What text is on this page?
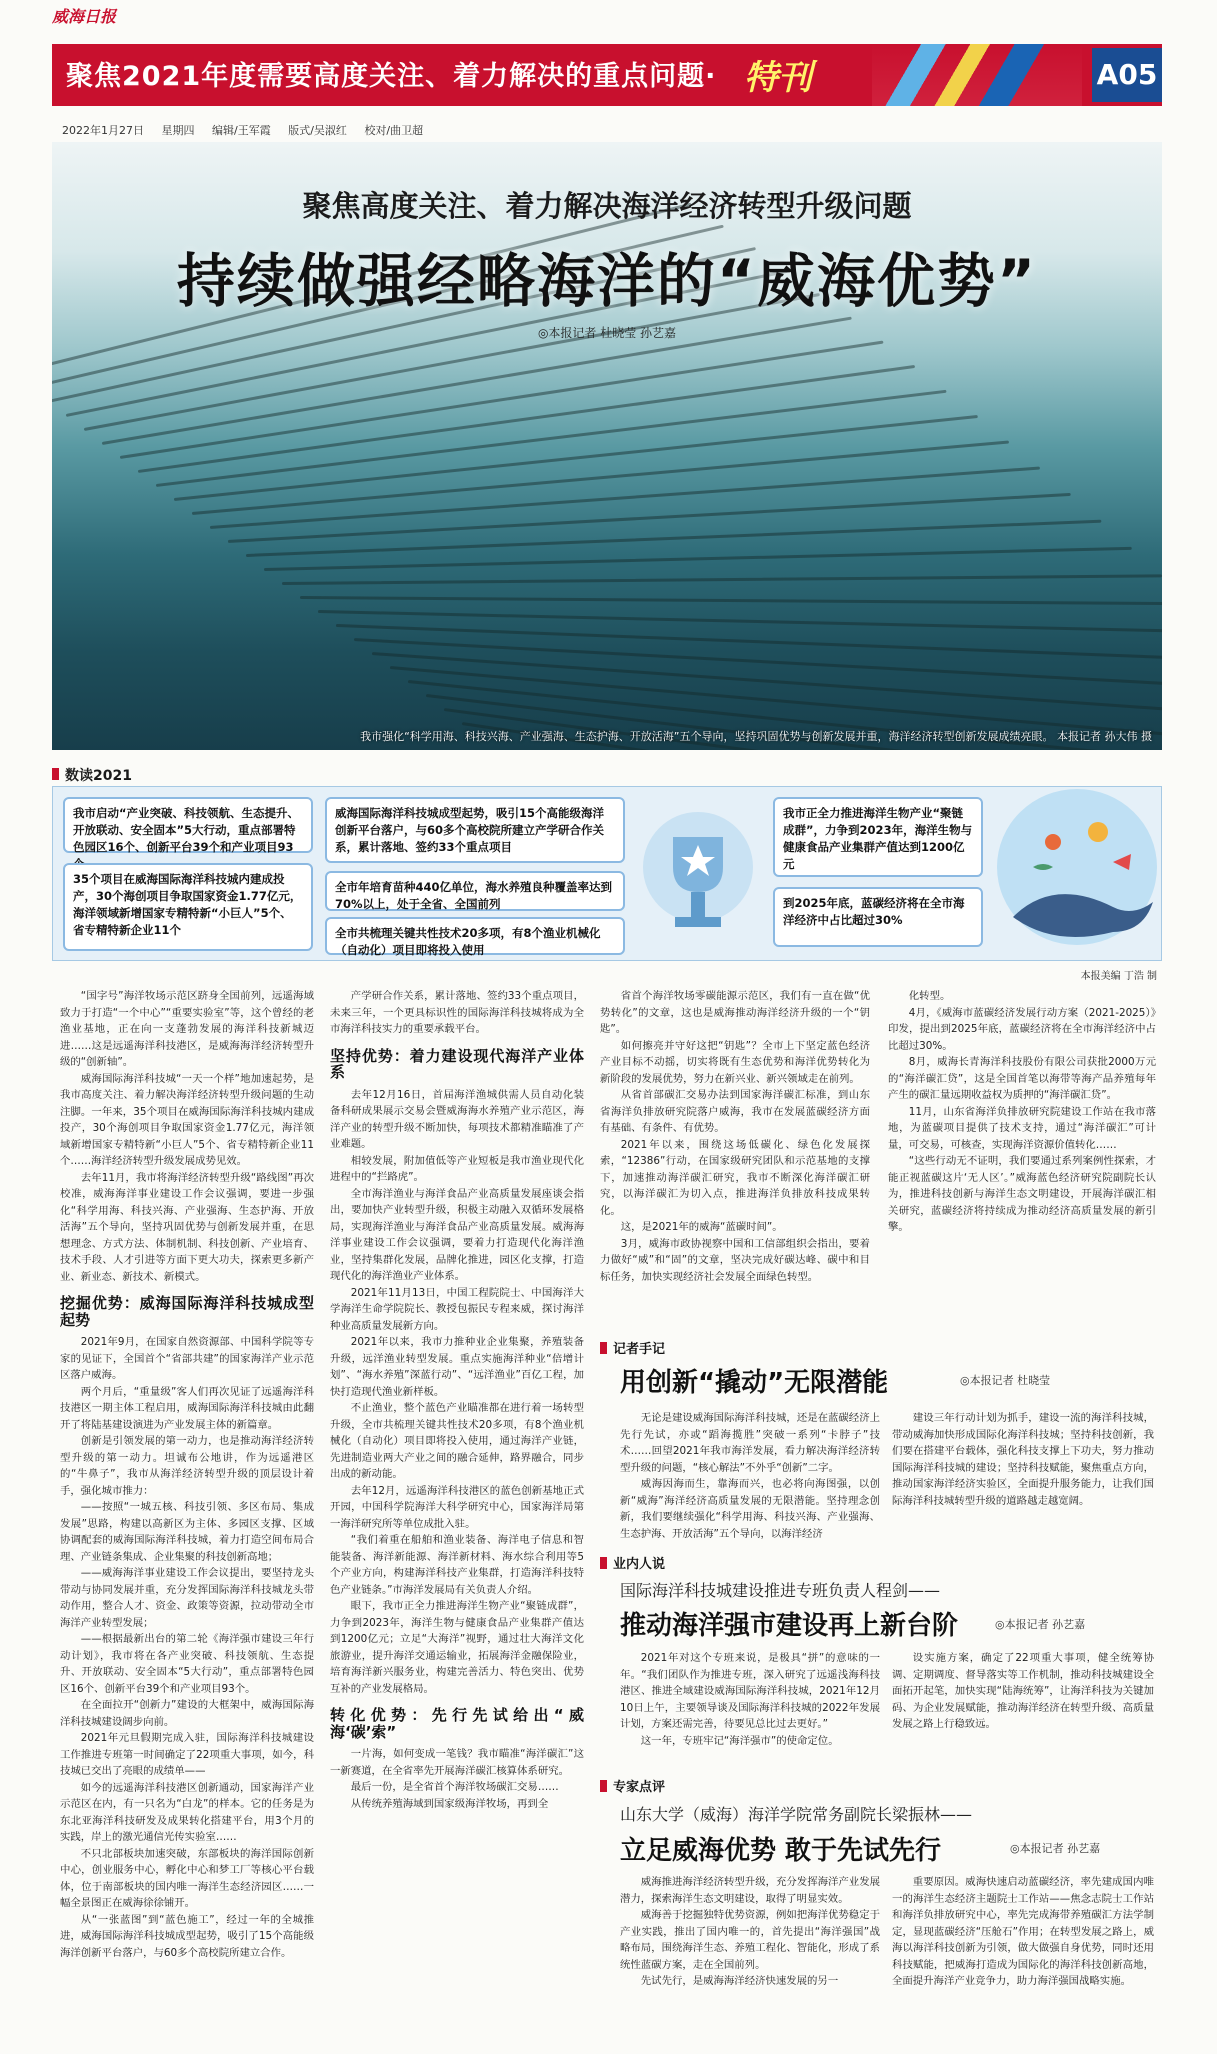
威海日报
聚焦2021年度需要高度关注、着力解决的重点问题· 特刊	A05
2022年1月27日 星期四 编辑/王军霞 版式/吴淑红 校对/曲卫超
聚焦高度关注、着力解决海洋经济转型升级问题
持续做强经略海洋的“威海优势”
◎本报记者 杜晓莹 孙艺嘉
我市强化“科学用海、科技兴海、产业强海、生态护海、开放活海”五个导向，坚持巩固优势与创新发展并重，海洋经济转型创新发展成绩亮眼。 本报记者 孙大伟 摄
数读2021
我市启动“产业突破、科技领航、生态提升、开放联动、安全固本”5大行动，重点部署特色园区16个、创新平台39个和产业项目93
35个项目在威海国际海洋科技城内建成投产，30个海创项目争取国家资金1.77亿元，海洋领域新增国家专精特新“小巨人”5个、省专精特新企业11个
威海国际海洋科技城成型起势，吸引15个高能级海洋创新平台落户，与60多个高校院所建立产学研合作关系，累计落地、签约33个重点项目
全市年培育苗种440亿单位，海水养殖良种覆盖率达到70%以上，处于全省、全国前列
全市共梳理关键共性技术20多项，有8个渔业机械化（自动化）项目即将投入使用
我市正全力推进海洋生物产业“聚链成群”，力争到2023年，海洋生物与健康食品产业集群产值达到1200亿元
到2025年底，蓝碳经济将在全市海洋经济中占比超过30%
本报美编 丁浩 制

“国字号”海洋牧场示范区跻身全国前列，远遥海域致力于打造“一个中心”“重要实验室”等，这个曾经的老渔业基地，正在向一支蓬勃发展的海洋科技新城迈进……这是远遥海洋科技港区，是威海海洋经济转型升级的“创新轴”。

威海国际海洋科技城“一天一个样”地加速起势，是我市高度关注、着力解决海洋经济转型升级问题的生动注脚。一年来，35个项目在威海国际海洋科技城内建成投产，30个海创项目争取国家资金1.77亿元，海洋领域新增国家专精特新“小巨人”5个、省专精特新企业11个……海洋经济转型升级发展成势见效。

去年11月，我市将海洋经济转型升级“路线图”再次校准，威海海洋事业建设工作会议强调，要进一步强化“科学用海、科技兴海、产业强海、生态护海、开放活海”五个导向，坚持巩固优势与创新发展并重，在思想理念、方式方法、体制机制、科技创新、产业培育、技术手段、人才引进等方面下更大功夫，探索更多新产业、新业态、新技术、新模式。

挖掘优势：威海国际海洋科技城成型起势

2021年9月，在国家自然资源部、中国科学院等专家的见证下，全国首个“省部共建”的国家海洋产业示范区落户威海。

两个月后，“重量级”客人们再次见证了远遥海洋科技港区一期主体工程启用，威海国际海洋科技城由此翻开了将陆基建设演进为产业发展主体的新篇章。

创新是引领发展的第一动力，也是推动海洋经济转型升级的第一动力。坦诚布公地讲，作为远遥港区的“牛鼻子”，我市从海洋经济转型升级的顶层设计着手，强化城市推力：

——按照“一城五核、科技引领、多区布局、集成发展”思路，构建以高新区为主体、多园区支撑、区域协调配套的威海国际海洋科技城，着力打造空间布局合理、产业链条集成、企业集聚的科技创新高地；

——威海海洋事业建设工作会议提出，要坚持龙头带动与协同发展并重，充分发挥国际海洋科技城龙头带动作用，整合人才、资金、政策等资源，拉动带动全市海洋产业转型发展；

——根据最新出台的第二轮《海洋强市建设三年行动计划》，我市将在各产业突破、科技领航、生态提升、开放联动、安全固本“5大行动”，重点部署特色园区16个、创新平台39个和产业项目93个。

在全面拉开“创新力”建设的大框架中，威海国际海洋科技城建设阔步向前。

2021年元旦假期完成入驻，国际海洋科技城建设工作推进专班第一时间确定了22项重大事项，如今，科技城已交出了亮眼的成绩单——

如今的远遥海洋科技港区创新通动，国家海洋产业示范区在内，有一只名为“白龙”的样本。它的任务是为东北亚海洋科技研发及成果转化搭建平台，用3个月的实践，岸上的激光通信光传实验室……

不只北部板块加速突破，东部板块的海洋国际创新中心，创业服务中心，孵化中心和梦工厂等核心平台载体，位于南部板块的国内唯一海洋生态经济园区……一幅全景图正在威海徐徐铺开。

从“一张蓝图”到“蓝色施工”，经过一年的全城推进，威海国际海洋科技城成型起势，吸引了15个高能级海洋创新平台落户，与60多个高校院所建立合作。

产学研合作关系，累计落地、签约33个重点项目，未来三年，一个更具标识性的国际海洋科技城将成为全市海洋科技实力的重要承载平台。

坚持优势：着力建设现代海洋产业体系

去年12月16日，首届海洋渔城供需人员自动化装备科研成果展示交易会暨威海海水养殖产业示范区，海洋产业的转型升级不断加快，每项技术都精准瞄准了产业难题。

相较发展，附加值低等产业短板是我市渔业现代化进程中的“拦路虎”。

全市海洋渔业与海洋食品产业高质量发展座谈会指出，要加快产业转型升级，积极主动融入双循环发展格局，实现海洋渔业与海洋食品产业高质量发展。威海海洋事业建设工作会议强调，要着力打造现代化海洋渔业，坚持集群化发展，品牌化推进，园区化支撑，打造现代化的海洋渔业产业体系。

2021年11月13日，中国工程院院士、中国海洋大学海洋生命学院院长、教授包振民专程来威，探讨海洋种业高质量发展新方向。

2021年以来，我市力推种业企业集聚，养殖装备升级，远洋渔业转型发展。重点实施海洋种业“倍增计划”、“海水养殖”深蓝行动”、“远洋渔业”百亿工程，加快打造现代渔业新样板。

不止渔业，整个蓝色产业瞄准都在进行着一场转型升级，全市共梳理关键共性技术20多项，有8个渔业机械化（自动化）项目即将投入使用，通过海洋产业链，先进制造业两大产业之间的融合延伸，路界融合，同步出成的新动能。

去年12月，远遥海洋科技港区的蓝色创新基地正式开园，中国科学院海洋大科学研究中心，国家海洋局第一海洋研究所等单位成批入驻。

“我们着重在船舶和渔业装备、海洋电子信息和智能装备、海洋新能源、海洋新材料、海水综合利用等5个产业方向，构建海洋科技产业集群，打造海洋科技特色产业链条。”市海洋发展局有关负责人介绍。

眼下，我市正全力推进海洋生物产业“聚链成群”，力争到2023年，海洋生物与健康食品产业集群产值达到1200亿元；立足“大海洋”视野，通过壮大海洋文化旅游业，提升海洋交通运输业，拓展海洋金融保险业，培育海洋新兴服务业，构建完善活力、特色突出、优势互补的产业发展格局。

转化优势：先行先试给出“威海‘碳’索”

一片海，如何变成一笔钱？我市瞄准“海洋碳汇”这一新赛道，在全省率先开展海洋碳汇核算体系研究。

最后一份，是全省首个海洋牧场碳汇交易……

从传统养殖海域到国家级海洋牧场，再到全

省首个海洋牧场零碳能源示范区，我们有一直在做“优势转化”的文章，这也是威海推动海洋经济升级的一个“钥匙”。

如何擦亮并守好这把“钥匙”？全市上下坚定蓝色经济产业目标不动摇，切实将既有生态优势和海洋优势转化为新阶段的发展优势，努力在新兴业、新兴领域走在前列。

从省首部碳汇交易办法到国家海洋碳汇标准，到山东省海洋负排放研究院落户威海，我市在发展蓝碳经济方面有基础、有条件、有优势。

2021年以来，围绕这场低碳化、绿色化发展探索，“12386”行动，在国家级研究团队和示范基地的支撑下，加速推动海洋碳汇研究，我市不断深化海洋碳汇研究，以海洋碳汇为切入点，推进海洋负排放科技成果转化。

这，是2021年的威海“蓝碳时间”。

3月，威海市政协视察中国和工信部组织会指出，要着力做好“威”和“固”的文章，坚决完成好碳达峰、碳中和目标任务，加快实现经济社会发展全面绿色转型。

化转型。

4月，《威海市蓝碳经济发展行动方案（2021-2025）》印发，提出到2025年底，蓝碳经济将在全市海洋经济中占比超过30%。

8月，威海长青海洋科技股份有限公司获批2000万元的“海洋碳汇贷”，这是全国首笔以海带等海产品养殖每年产生的碳汇量远期收益权为质押的“海洋碳汇贷”。

11月，山东省海洋负排放研究院建设工作站在我市落地，为蓝碳项目提供了技术支持，通过“海洋碳汇”可计量，可交易，可核查，实现海洋资源价值转化……

“这些行动无不证明，我们要通过系列案例性探索，才能正视蓝碳这片‘无人区’。”威海蓝色经济研究院副院长认为，推进科技创新与海洋生态文明建设，开展海洋碳汇相关研究，蓝碳经济将持续成为推动经济高质量发展的新引擎。

记者手记
用创新“撬动”无限潜能	◎本报记者 杜晓莹

无论是建设威海国际海洋科技城，还是在蓝碳经济上先行先试，亦或“蹈海揽胜”突破一系列“卡脖子”技术……回望2021年我市海洋发展，看力解决海洋经济转型升级的问题，“核心解法”不外乎“创新”二字。

威海因海而生，靠海而兴，也必将向海图强，以创新“威海”海洋经济高质量发展的无限潜能。坚持理念创新，我们要继续强化“科学用海、科技兴海、产业强海、生态护海、开放活海”五个导向，以海洋经济

建设三年行动计划为抓手，建设一流的海洋科技城，带动威海加快形成国际化海洋科技城；坚持科技创新，我们要在搭建平台载体，强化科技支撑上下功夫，努力推动国际海洋科技城的建设；坚持科技赋能，聚焦重点方向，推动国家海洋经济实验区，全面提升服务能力，让我们国际海洋科技城转型升级的道路越走越宽阔。

业内人说
国际海洋科技城建设推进专班负责人程剑——
推动海洋强市建设再上新台阶	◎本报记者 孙艺嘉

2021年对这个专班来说，是极具“拼”的意味的一年。“我们团队作为推进专班，深入研究了远遥浅海科技港区、推进全域建设威海国际海洋科技城，2021年12月10日上午，主要领导谈及国际海洋科技城的2022年发展计划，方案还需完善，待要见总比过去更好。”

这一年，专班牢记“海洋强市”的使命定位。

设实施方案，确定了22项重大事项，健全统筹协调、定期调度、督导落实等工作机制，推动科技城建设全面拓开起笔，加快实现“陆海统筹”，让海洋科技为关键加码、为企业发展赋能，推动海洋经济在转型升级、高质量发展之路上行稳致远。

专家点评
山东大学（威海）海洋学院常务副院长梁振林——
立足威海优势 敢于先试先行	◎本报记者 孙艺嘉

威海推进海洋经济转型升级，充分发挥海洋产业发展潜力，探索海洋生态文明建设，取得了明显实效。

威海善于挖掘独特优势资源，例如把海洋优势稳定于产业实践，推出了国内唯一的，首先提出“海洋强国”战略布局，围绕海洋生态、养殖工程化、智能化，形成了系统性蓝碳方案，走在全国前列。

先试先行，是威海海洋经济快速发展的另一

重要原因。威海快速启动蓝碳经济，率先建成国内唯一的海洋生态经济主题院士工作站——焦念志院士工作站和海洋负排放研究中心，率先完成海带养殖碳汇方法学制定，显现蓝碳经济“压舱石”作用；在转型发展之路上，威海以海洋科技创新为引领，做大做强自身优势，同时还用科技赋能，把威海打造成为国际化的海洋科技创新高地，全面提升海洋产业竞争力，助力海洋强国战略实施。
